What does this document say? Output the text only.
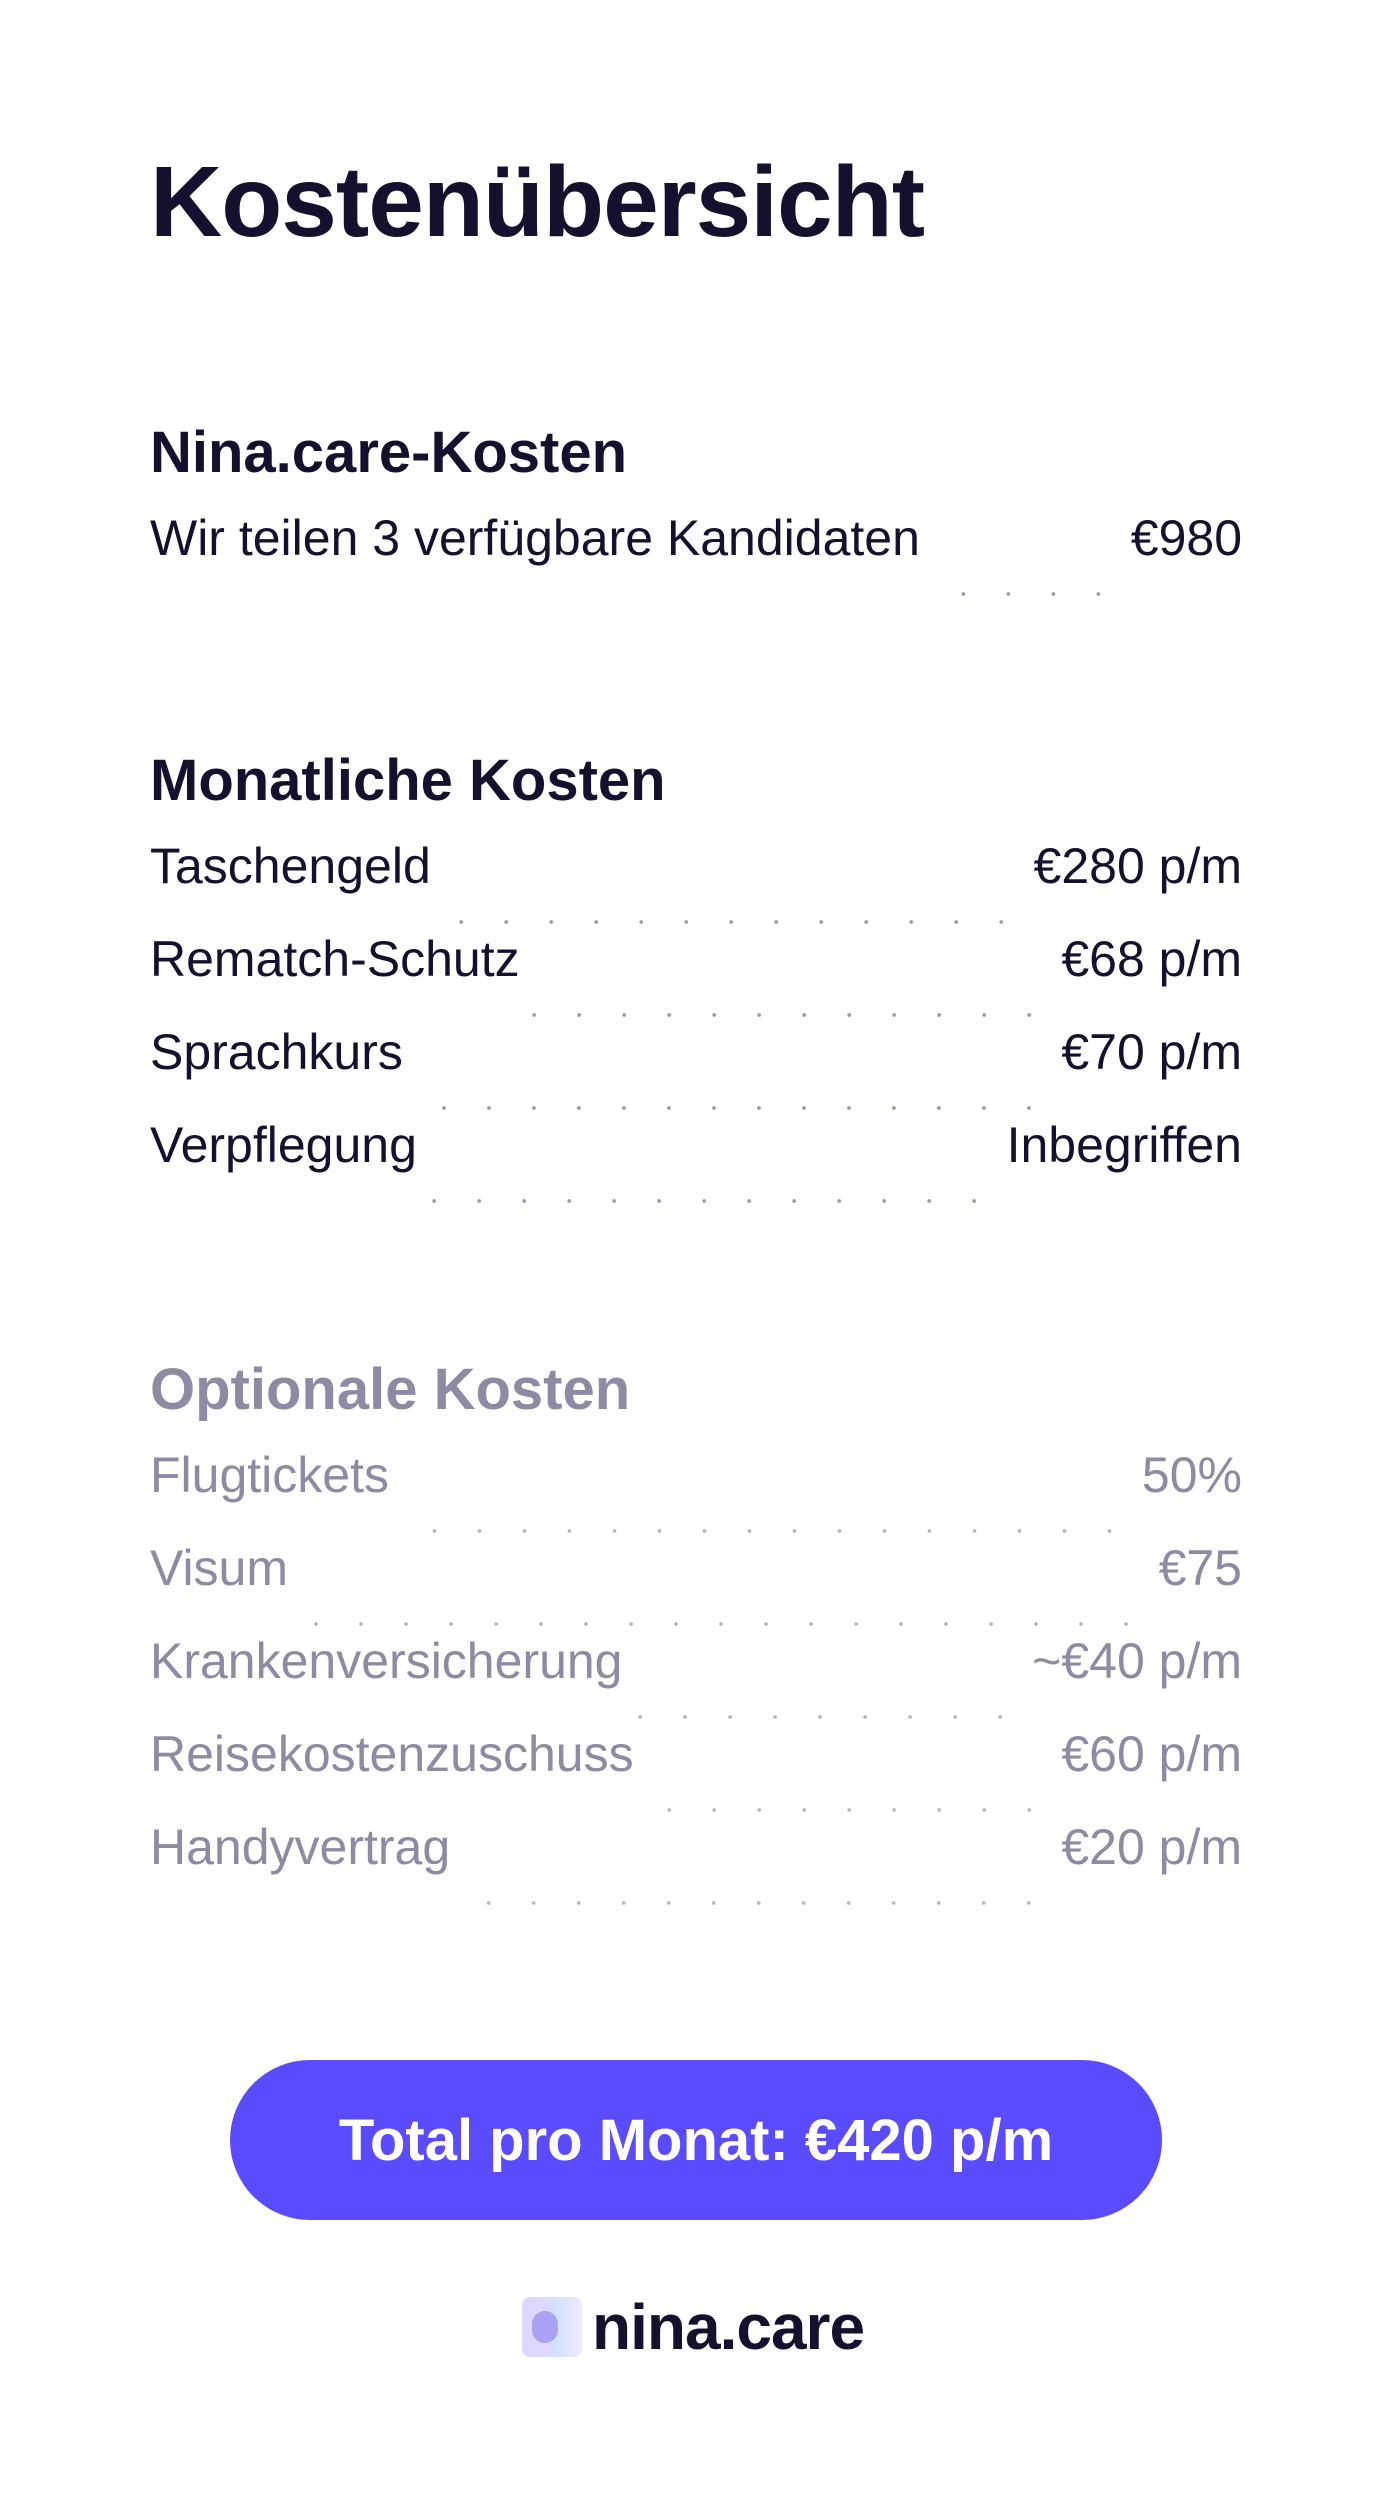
Kostenübersicht
Nina.care-Kosten
Wir teilen 3 verfügbare Kandidaten	€980
Monatliche Kosten
Taschengeld	€280 p/m
Rematch-Schutz	€68 p/m
Sprachkurs	€70 p/m
Verpflegung	Inbegriffen
Optionale Kosten
Flugtickets	50%
Visum	€75
Krankenversicherung	~€40 p/m
Reisekostenzuschuss	€60 p/m
Handyvertrag	€20 p/m
Total pro Monat: €420 p/m
nina.care
